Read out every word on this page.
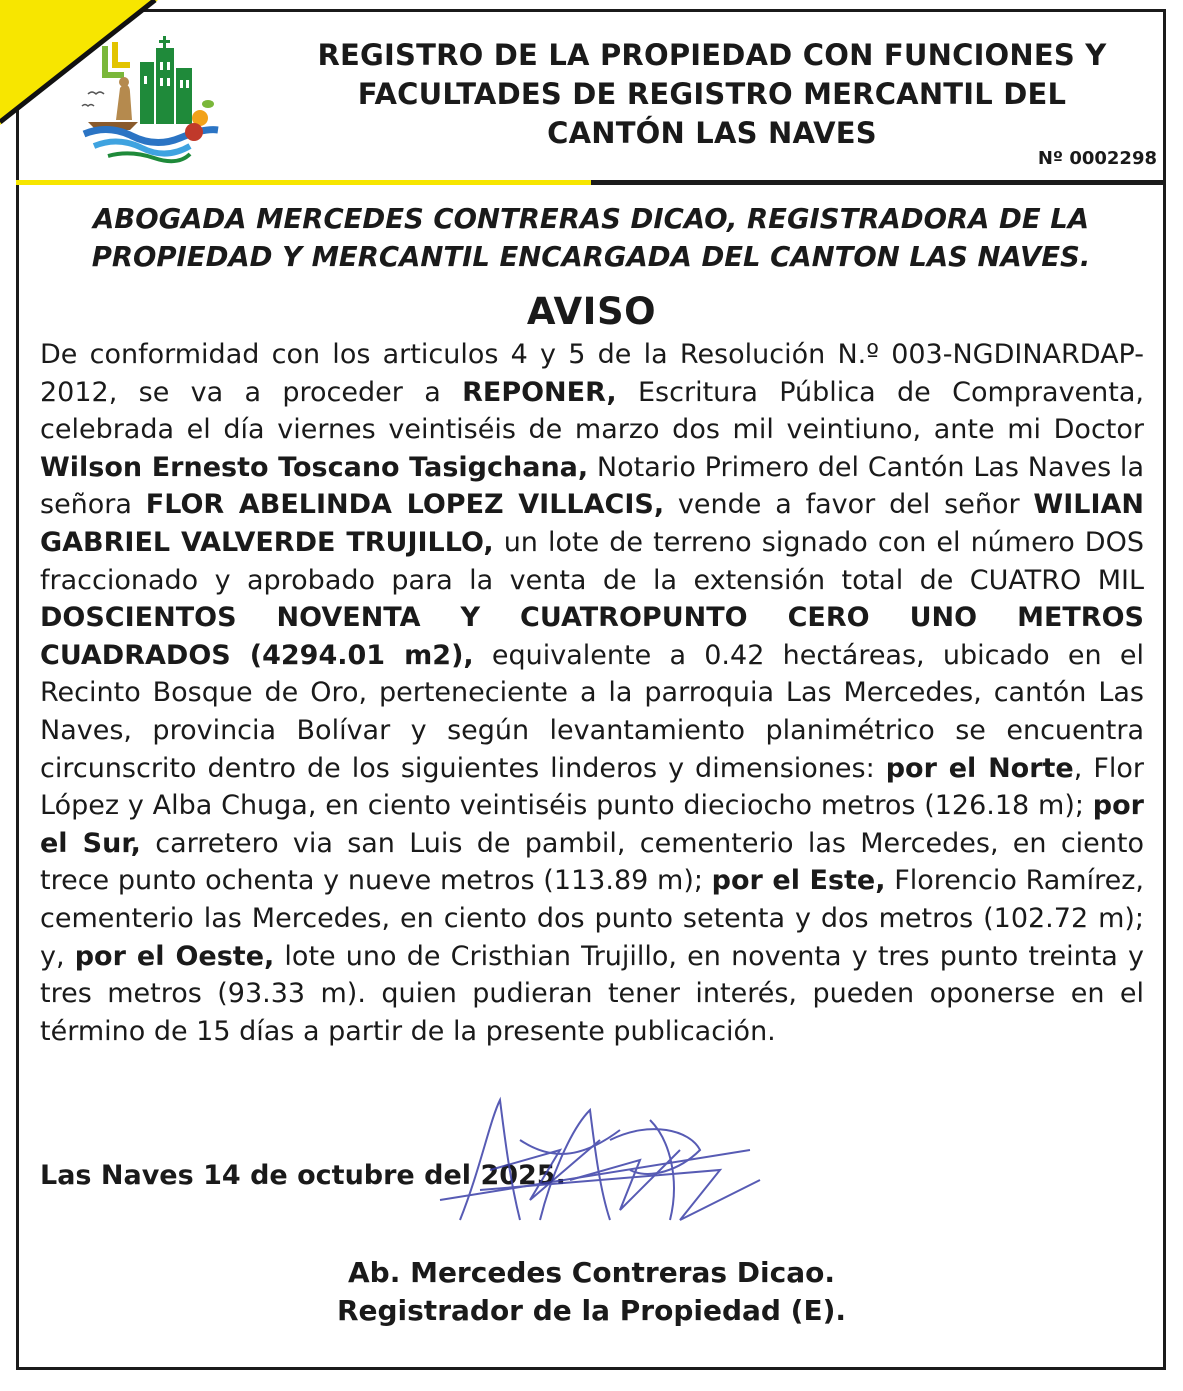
REGISTRO DE LA PROPIEDAD CON FUNCIONES Y
FACULTADES DE REGISTRO MERCANTIL DEL
CANTÓN LAS NAVES
Nº 0002298
ABOGADA MERCEDES CONTRERAS DICAO, REGISTRADORA DE LA
PROPIEDAD Y MERCANTIL ENCARGADA DEL CANTON LAS NAVES.
AVISO
De conformidad con los articulos 4 y 5 de la Resolución N.º 003-NGDINARDAP-2012, se va a proceder a REPONER, Escritura Pública de Compraventa, celebrada el día viernes veintiséis de marzo dos mil veintiuno, ante mi Doctor Wilson Ernesto Toscano Tasigchana, Notario Primero del Cantón Las Naves la señora FLOR ABELINDA LOPEZ VILLACIS, vende a favor del señor WILIAN GABRIEL VALVERDE TRUJILLO, un lote de terreno signado con el número DOS fraccionado y aprobado para la venta de la extensión total de CUATRO MIL DOSCIENTOS NOVENTA Y CUATROPUNTO CERO UNO METROS CUADRADOS (4294.01 m2), equivalente a 0.42 hectáreas, ubicado en el Recinto Bosque de Oro, perteneciente a la parroquia Las Mercedes, cantón Las Naves, provincia Bolívar y según levantamiento planimétrico se encuentra circunscrito dentro de los siguientes linderos y dimensiones: por el Norte, Flor López y Alba Chuga, en ciento veintiséis punto dieciocho metros (126.18 m); por el Sur, carretero via san Luis de pambil, cementerio las Mercedes, en ciento trece punto ochenta y nueve metros (113.89 m); por el Este, Florencio Ramírez, cementerio las Mercedes, en ciento dos punto setenta y dos metros (102.72 m); y, por el Oeste, lote uno de Cristhian Trujillo, en noventa y tres punto treinta y tres metros (93.33 m). quien pudieran tener interés, pueden oponerse en el término de 15 días a partir de la presente publicación.
Las Naves 14 de octubre del 2025.
Ab. Mercedes Contreras Dicao.
Registrador de la Propiedad (E).
